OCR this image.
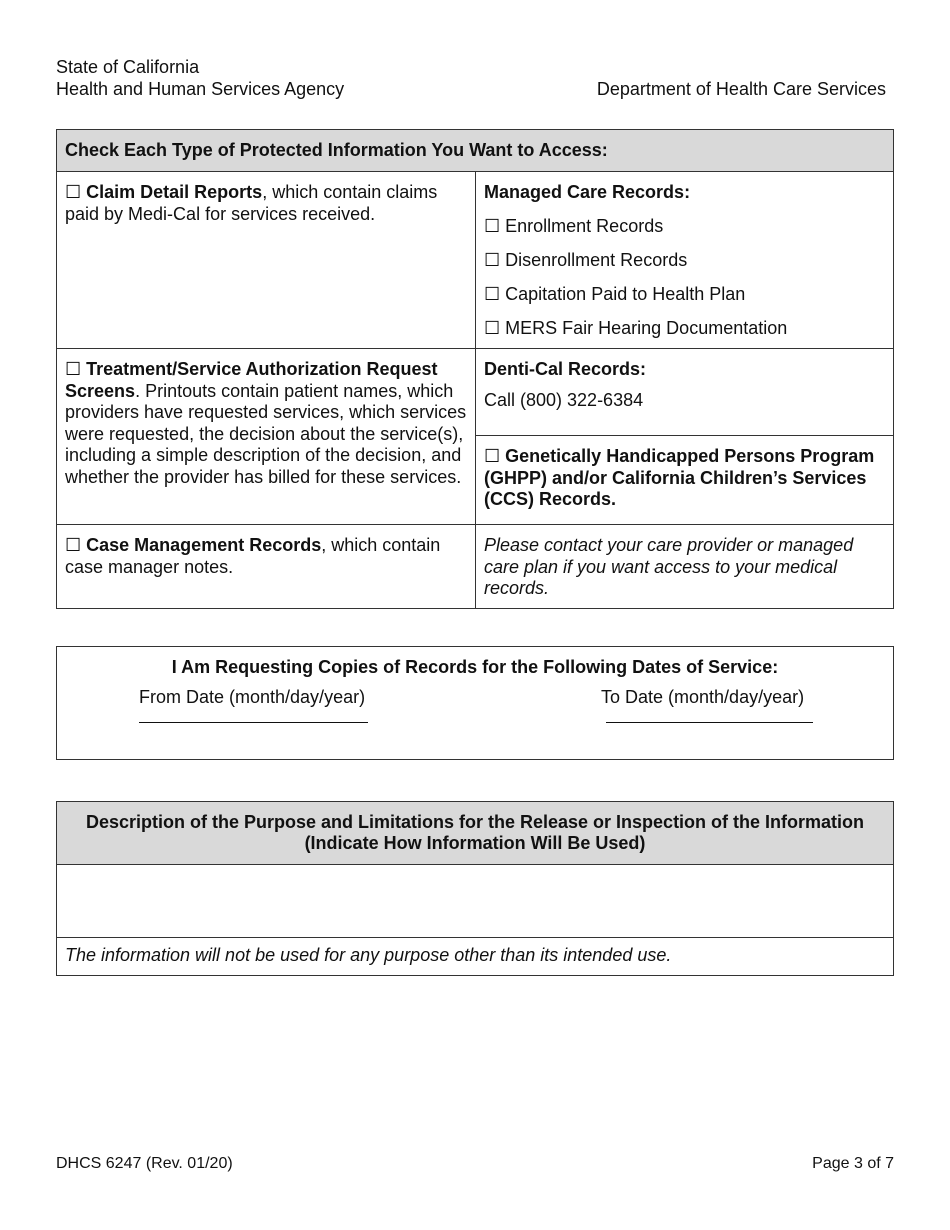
State of California
Health and Human Services Agency	Department of Health Care Services
Check Each Type of Protected Information You Want to Access:	
☐ Claim Detail Reports, which contain claims paid by Medi-Cal for services received.	Managed Care Records:
☐ Enrollment Records
☐ Disenrollment Records
☐ Capitation Paid to Health Plan
☐ MERS Fair Hearing Documentation

☐ Treatment/Service Authorization Request Screens. Printouts contain patient names, which providers have requested services, which services were requested, the decision about the service(s), including a simple description of the decision, and whether the provider has billed for these services.	Denti-Cal Records:
Call (800) 322-6384

	☐ Genetically Handicapped Persons Program (GHPP) and/or California Children’s Services (CCS) Records.
☐ Case Management Records, which contain case manager notes.	Please contact your care provider or managed care plan if you want access to your medical records.
I Am Requesting Copies of Records for the Following Dates of Service:
From Date (month/day/year)	To Date (month/day/year)
Description of the Purpose and Limitations for the Release or Inspection of the Information
(Indicate How Information Will Be Used)

The information will not be used for any purpose other than its intended use.
DHCS 6247 (Rev. 01/20)	Page 3 of 7
